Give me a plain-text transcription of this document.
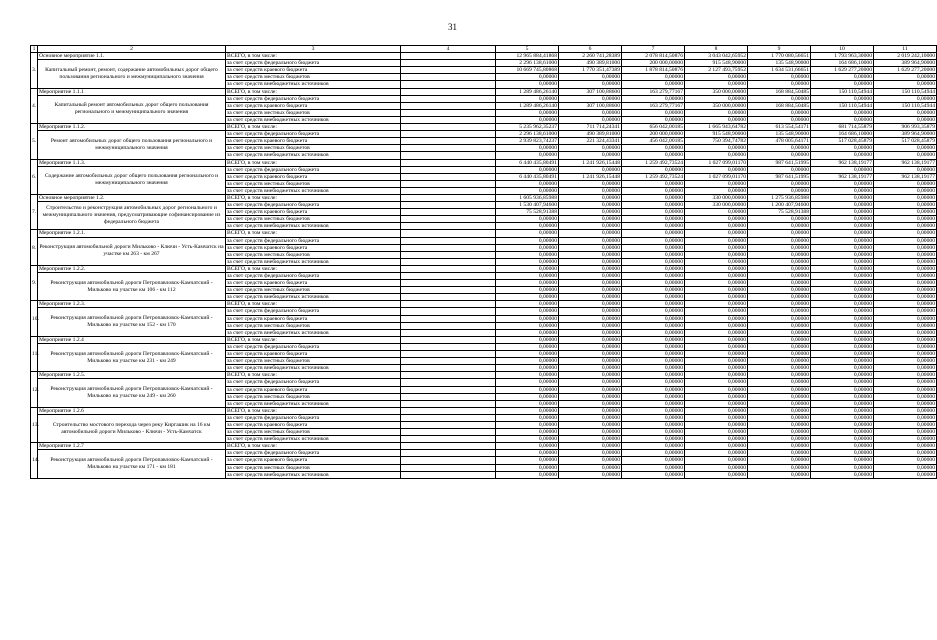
31
1	2	3	4	5	6	7	8	9	10	11
3.	Основное мероприятие 1.1.	ВСЕГО, в том числе:		12 965 884,41868	2 260 741,28389	2 078 814,50876	3 043 042,65952	1 770 080,56651	1 793 963,30000	2 019 242,10000
	Капитальный ремонт, ремонт, содержание автомобильных дорог общего пользования регионального и межмуниципального значения	за счет средств федерального бюджета		2 296 138,61000	490 389,81000	200 000,00000	915 548,90000	135 548,90000	164 686,10000	389 964,90000
		за счет средств краевого бюджета		10 669 745,80868	1 770 351,47389	1 878 814,50876	2 127 493,75952	1 634 531,66651	1 629 277,20000	1 629 277,20000
		за счет средств местных бюджетов		0,00000	0,00000	0,00000	0,00000	0,00000	0,00000	0,00000
		за счет средств внебюджетных источников		0,00000	0,00000	0,00000	0,00000	0,00000	0,00000	0,00000
4.	Мероприятие 1.1.1	ВСЕГО, в том числе:		1 289 486,26140	307 100,88600	163 279,77167	350 000,00000	168 884,50485	150 110,54944	150 110,54944
	Капитальный ремонт автомобильных дорог общего пользования регионального и межмуниципального значения	за счет средств федерального бюджета		0,00000	0,00000	0,00000	0,00000	0,00000	0,00000	0,00000
		за счет средств краевого бюджета		1 289 486,26140	307 100,88600	163 279,77167	350 000,00000	168 884,50485	150 110,54944	150 110,54944
		за счет средств местных бюджетов		0,00000	0,00000	0,00000	0,00000	0,00000	0,00000	0,00000
		за счет средств внебюджетных источников		0,00000	0,00000	0,00000	0,00000	0,00000	0,00000	0,00000
5.	Мероприятие 1.1.2.	ВСЕГО, в том числе:		5 235 962,35237	711 714,24341	656 042,00185	1 665 943,64782	613 554,54171	681 714,55879	906 993,35879
	Ремонт автомобильных дорог общего пользования регионального и межмуниципального значения	за счет средств федерального бюджета		2 296 138,61000	490 389,81000	200 000,00000	915 548,90000	135 548,90000	164 686,10000	389 964,90000
		за счет средств краевого бюджета		2 939 823,74237	221 324,43341	456 042,00185	750 394,74782	478 005,64171	517 028,45879	517 028,45879
		за счет средств местных бюджетов		0,00000	0,00000	0,00000	0,00000	0,00000	0,00000	0,00000
		за счет средств внебюджетных источников		0,00000	0,00000	0,00000	0,00000	0,00000	0,00000	0,00000
6.	Мероприятие 1.1.3.	ВСЕГО, в том числе:		6 440 435,80491	1 241 926,15448	1 259 492,73524	1 027 099,01170	987 641,51995	962 138,19177	962 138,19177
	Содержание автомобильных дорог общего пользования регионального и межмуниципального значения	за счет средств федерального бюджета		0,00000	0,00000	0,00000	0,00000	0,00000	0,00000	0,00000
		за счет средств краевого бюджета		6 440 435,80491	1 241 926,15448	1 259 492,73524	1 027 099,01170	987 641,51995	962 138,19177	962 138,19177
		за счет средств местных бюджетов		0,00000	0,00000	0,00000	0,00000	0,00000	0,00000	0,00000
		за счет средств внебюджетных источников		0,00000	0,00000	0,00000	0,00000	0,00000	0,00000	0,00000
7.	Основное мероприятие 1.2.	ВСЕГО, в том числе:		1 605 936,85988	0,00000	0,00000	330 000,00000	1 275 936,85988	0,00000	0,00000
	Строительство и реконструкция автомобильных дорог регионального и межмуниципального значения, предусматривающие софинансирование из федерального бюджета	за счет средств федерального бюджета		1 530 407,94600	0,00000	0,00000	330 000,00000	1 200 407,94600	0,00000	0,00000
		за счет средств краевого бюджета		75 528,91388	0,00000	0,00000	0,00000	75 528,91388	0,00000	0,00000
		за счет средств местных бюджетов		0,00000	0,00000	0,00000	0,00000	0,00000	0,00000	0,00000
		за счет средств внебюджетных источников		0,00000	0,00000	0,00000	0,00000	0,00000	0,00000	0,00000
8.	Мероприятие 1.2.1.	ВСЕГО, в том числе:		0,00000	0,00000	0,00000	0,00000	0,00000	0,00000	0,00000
	Реконструкция автомобильной дороги Мильково - Ключи - Усть-Камчатск на участке км 263 - км 267	за счет средств федерального бюджета		0,00000	0,00000	0,00000	0,00000	0,00000	0,00000	0,00000
		за счет средств краевого бюджета		0,00000	0,00000	0,00000	0,00000	0,00000	0,00000	0,00000
		за счет средств местных бюджетов		0,00000	0,00000	0,00000	0,00000	0,00000	0,00000	0,00000
		за счет средств внебюджетных источников		0,00000	0,00000	0,00000	0,00000	0,00000	0,00000	0,00000
9.	Мероприятие 1.2.2.	ВСЕГО, в том числе:		0,00000	0,00000	0,00000	0,00000	0,00000	0,00000	0,00000
	Реконструкция автомобильной дороги Петропавловск-Камчатский - Мильково на участке км 106 - км 112	за счет средств федерального бюджета		0,00000	0,00000	0,00000	0,00000	0,00000	0,00000	0,00000
		за счет средств краевого бюджета		0,00000	0,00000	0,00000	0,00000	0,00000	0,00000	0,00000
		за счет средств местных бюджетов		0,00000	0,00000	0,00000	0,00000	0,00000	0,00000	0,00000
		за счет средств внебюджетных источников		0,00000	0,00000	0,00000	0,00000	0,00000	0,00000	0,00000
10.	Мероприятие 1.2.3.	ВСЕГО, в том числе:		0,00000	0,00000	0,00000	0,00000	0,00000	0,00000	0,00000
	Реконструкция автомобильной дороги Петропавловск-Камчатский - Мильково на участке км 152 - км 170	за счет средств федерального бюджета		0,00000	0,00000	0,00000	0,00000	0,00000	0,00000	0,00000
		за счет средств краевого бюджета		0,00000	0,00000	0,00000	0,00000	0,00000	0,00000	0,00000
		за счет средств местных бюджетов		0,00000	0,00000	0,00000	0,00000	0,00000	0,00000	0,00000
		за счет средств внебюджетных источников		0,00000	0,00000	0,00000	0,00000	0,00000	0,00000	0,00000
11.	Мероприятие 1.2.4	ВСЕГО, в том числе:		0,00000	0,00000	0,00000	0,00000	0,00000	0,00000	0,00000
	Реконструкция автомобильной дороги Петропавловск-Камчатский - Мильково на участке км 231 - км 249	за счет средств федерального бюджета		0,00000	0,00000	0,00000	0,00000	0,00000	0,00000	0,00000
		за счет средств краевого бюджета		0,00000	0,00000	0,00000	0,00000	0,00000	0,00000	0,00000
		за счет средств местных бюджетов		0,00000	0,00000	0,00000	0,00000	0,00000	0,00000	0,00000
		за счет средств внебюджетных источников		0,00000	0,00000	0,00000	0,00000	0,00000	0,00000	0,00000
12.	Мероприятие 1.2.5.	ВСЕГО, в том числе:		0,00000	0,00000	0,00000	0,00000	0,00000	0,00000	0,00000
	Реконструкция автомобильной дороги Петропавловск-Камчатский - Мильково на участке км 249 - км 260	за счет средств федерального бюджета		0,00000	0,00000	0,00000	0,00000	0,00000	0,00000	0,00000
		за счет средств краевого бюджета		0,00000	0,00000	0,00000	0,00000	0,00000	0,00000	0,00000
		за счет средств местных бюджетов		0,00000	0,00000	0,00000	0,00000	0,00000	0,00000	0,00000
		за счет средств внебюджетных источников		0,00000	0,00000	0,00000	0,00000	0,00000	0,00000	0,00000
13.	Мероприятие 1.2.6	ВСЕГО, в том числе:		0,00000	0,00000	0,00000	0,00000	0,00000	0,00000	0,00000
	Строительство мостового перехода через реку Киргашик на 16 км автомобильной дороги Мильково - Ключи - Усть-Камчатск	за счет средств федерального бюджета		0,00000	0,00000	0,00000	0,00000	0,00000	0,00000	0,00000
		за счет средств краевого бюджета		0,00000	0,00000	0,00000	0,00000	0,00000	0,00000	0,00000
		за счет средств местных бюджетов		0,00000	0,00000	0,00000	0,00000	0,00000	0,00000	0,00000
		за счет средств внебюджетных источников		0,00000	0,00000	0,00000	0,00000	0,00000	0,00000	0,00000
14.	Мероприятие 1.2.7	ВСЕГО, в том числе:		0,00000	0,00000	0,00000	0,00000	0,00000	0,00000	0,00000
	Реконструкция автомобильной дороги Петропавловск-Камчатский - Мильково на участке км 171 - км 181	за счет средств федерального бюджета		0,00000	0,00000	0,00000	0,00000	0,00000	0,00000	0,00000
		за счет средств краевого бюджета		0,00000	0,00000	0,00000	0,00000	0,00000	0,00000	0,00000
		за счет средств местных бюджетов		0,00000	0,00000	0,00000	0,00000	0,00000	0,00000	0,00000
		за счет средств внебюджетных источников		0,00000	0,00000	0,00000	0,00000	0,00000	0,00000	0,00000
